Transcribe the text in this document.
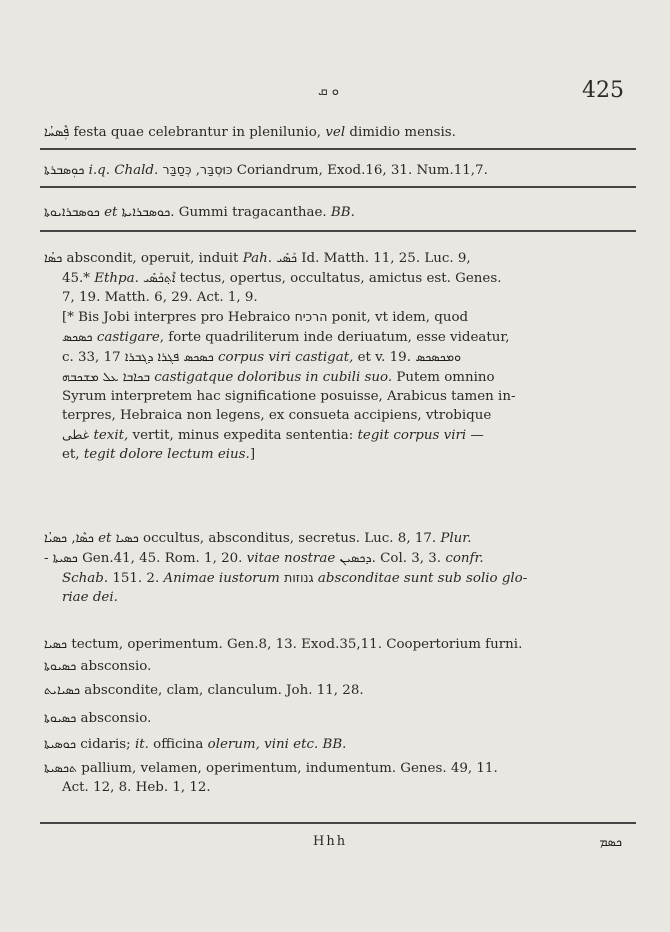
ܘ ܩ	425
ܦܼܶܣܚܳܐ festa quae celebrantur in plenilunio, vel dimidio mensis.
ܟܘܼܣܒܪܬܐ i.q. Chald.	כּוּסְבַּר, כְּסַבַּר	Coriandrum, Exod.16, 31. Num.11,7.
ܟܘܣܒܪܐܝܘܬܐ et ܟܘܣܒܪܐܝܬܐ. Gummi tragacanthae. BB.
ܟܣܳܐ abscondit, operuit, induit Pah. ܟܰܣܺܝ Id. Matth. 11, 25. Luc. 9,
45.* Ethpa. ܐܶܬ݂ܟܰܣܺܝ tectus, opertus, occultatus, amictus est. Genes.
7, 19. Matth. 6, 29. Act. 1, 9.
[* Bis Jobi interpres pro Hebraico הרכיח ponit, vt idem, quod
ܟܣܟܣ castigare, forte quadriliterum inde deriuatum, esse videatur,
c. 33, 17 ܟܣܟܣ ܦܓܪܐ ܕܓܒܪܐ corpus viri castigat, et v. 19. ܘܡܟܣܟܣ
ܒܟܐܒܐ ܥܠ ܡܫܟܒܗ castigatque doloribus in cubili suo. Putem omnino
Syrum interpretem hac significatione posuisse, Arabicus tamen in-
terpres, Hebraica non legens, ex consueta accipiens, vtrobique
غطى texit, vertit, minus expedita sententia: tegit corpus viri —
et, tegit dolore lectum eius.]
ܟܣܶܐ, ܟܣܝܳܐ et ܟܣܝܐ occultus, absconditus, secretus. Luc. 8, 17. Plur.
- ܟܣܝܬܐ Gen.41, 45. Rom. 1, 20. vitae nostrae ܕܟܣܝܢ. Col. 3, 3. confr.
Schab. 151. 2. Animae iustorum גנוזות absconditae sunt sub solio glo-
riae dei.
ܟܣܝܐ tectum, operimentum. Gen.8, 13. Exod.35,11. Coopertorium furni.
ܟܣܝܘܬܐ absconsio.
ܟܣܝܐܝܬ abscondite, clam, clanculum. Joh. 11, 28.
ܟܣܝܘܬܐ absconsio.
ܟܘܣܝܬܐ cidaris; it. officina olerum, vini etc. BB.
ܬܟܣܝܬܐ pallium, velamen, operimentum, indumentum. Genes. 49, 11.
Act. 12, 8. Heb. 1, 12.
Hhh	ܟܣܡ
